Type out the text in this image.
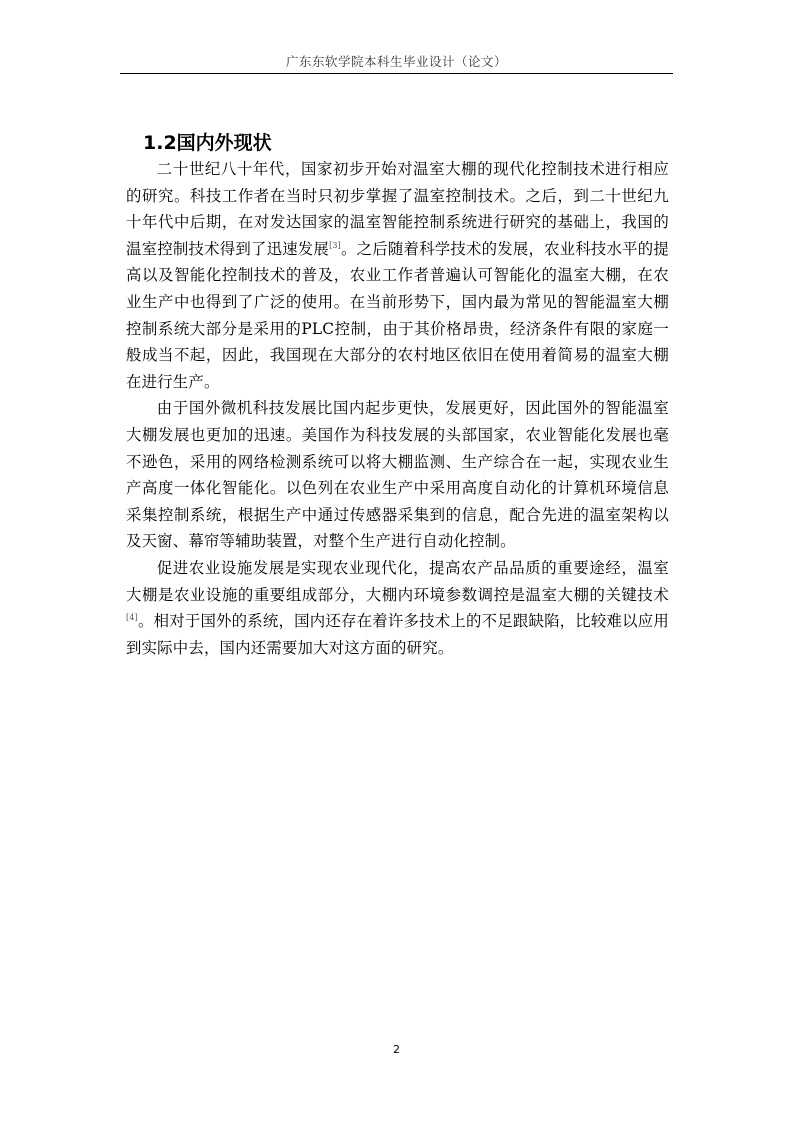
广东东软学院本科生毕业设计（论文）
1.2国内外现状

二十世纪八十年代，国家初步开始对温室大棚的现代化控制技术进行相应的研究。科技工作者在当时只初步掌握了温室控制技术。之后，到二十世纪九十年代中后期，在对发达国家的温室智能控制系统进行研究的基础上，我国的温室控制技术得到了迅速发展[3]。之后随着科学技术的发展，农业科技水平的提高以及智能化控制技术的普及，农业工作者普遍认可智能化的温室大棚，在农业生产中也得到了广泛的使用。在当前形势下，国内最为常见的智能温室大棚控制系统大部分是采用的PLC控制，由于其价格昂贵，经济条件有限的家庭一般成当不起，因此，我国现在大部分的农村地区依旧在使用着简易的温室大棚在进行生产。

由于国外微机科技发展比国内起步更快，发展更好，因此国外的智能温室大棚发展也更加的迅速。美国作为科技发展的头部国家，农业智能化发展也毫不逊色，采用的网络检测系统可以将大棚监测、生产综合在一起，实现农业生产高度一体化智能化。以色列在农业生产中采用高度自动化的计算机环境信息采集控制系统，根据生产中通过传感器采集到的信息，配合先进的温室架构以及天窗、幕帘等辅助装置，对整个生产进行自动化控制。

促进农业设施发展是实现农业现代化，提高农产品品质的重要途经，温室大棚是农业设施的重要组成部分，大棚内环境参数调控是温室大棚的关键技术[4]。相对于国外的系统，国内还存在着许多技术上的不足跟缺陷，比较难以应用到实际中去，国内还需要加大对这方面的研究。

2
